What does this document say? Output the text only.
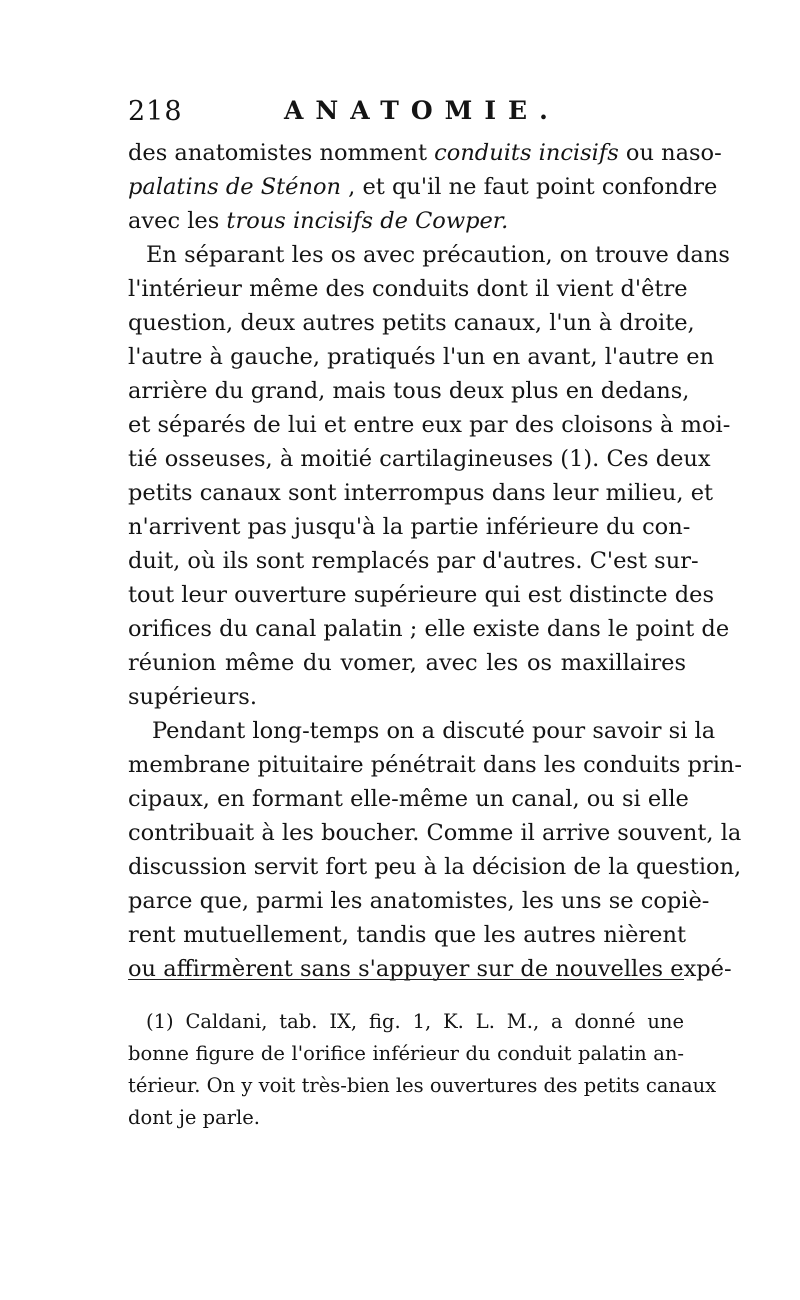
218	ANATOMIE.
des anatomistes nomment conduits incisifs ou naso-
palatins de Sténon , et qu'il ne faut point confondre
avec les trous incisifs de Cowper.
En séparant les os avec précaution, on trouve dans
l'intérieur même des conduits dont il vient d'être
question, deux autres petits canaux, l'un à droite,
l'autre à gauche, pratiqués l'un en avant, l'autre en
arrière du grand, mais tous deux plus en dedans,
et séparés de lui et entre eux par des cloisons à moi-
tié osseuses, à moitié cartilagineuses (1). Ces deux
petits canaux sont interrompus dans leur milieu, et
n'arrivent pas jusqu'à la partie inférieure du con-
duit, où ils sont remplacés par d'autres. C'est sur-
tout leur ouverture supérieure qui est distincte des
orifices du canal palatin ; elle existe dans le point de
réunion même du vomer, avec les os maxillaires
supérieurs.
Pendant long-temps on a discuté pour savoir si la
membrane pituitaire pénétrait dans les conduits prin-
cipaux, en formant elle-même un canal, ou si elle
contribuait à les boucher. Comme il arrive souvent, la
discussion servit fort peu à la décision de la question,
parce que, parmi les anatomistes, les uns se copiè-
rent mutuellement, tandis que les autres nièrent
ou affirmèrent sans s'appuyer sur de nouvelles expé-
(1) Caldani, tab. IX, fig. 1, K. L. M., a donné une
bonne figure de l'orifice inférieur du conduit palatin an-
térieur. On y voit très-bien les ouvertures des petits canaux
dont je parle.
